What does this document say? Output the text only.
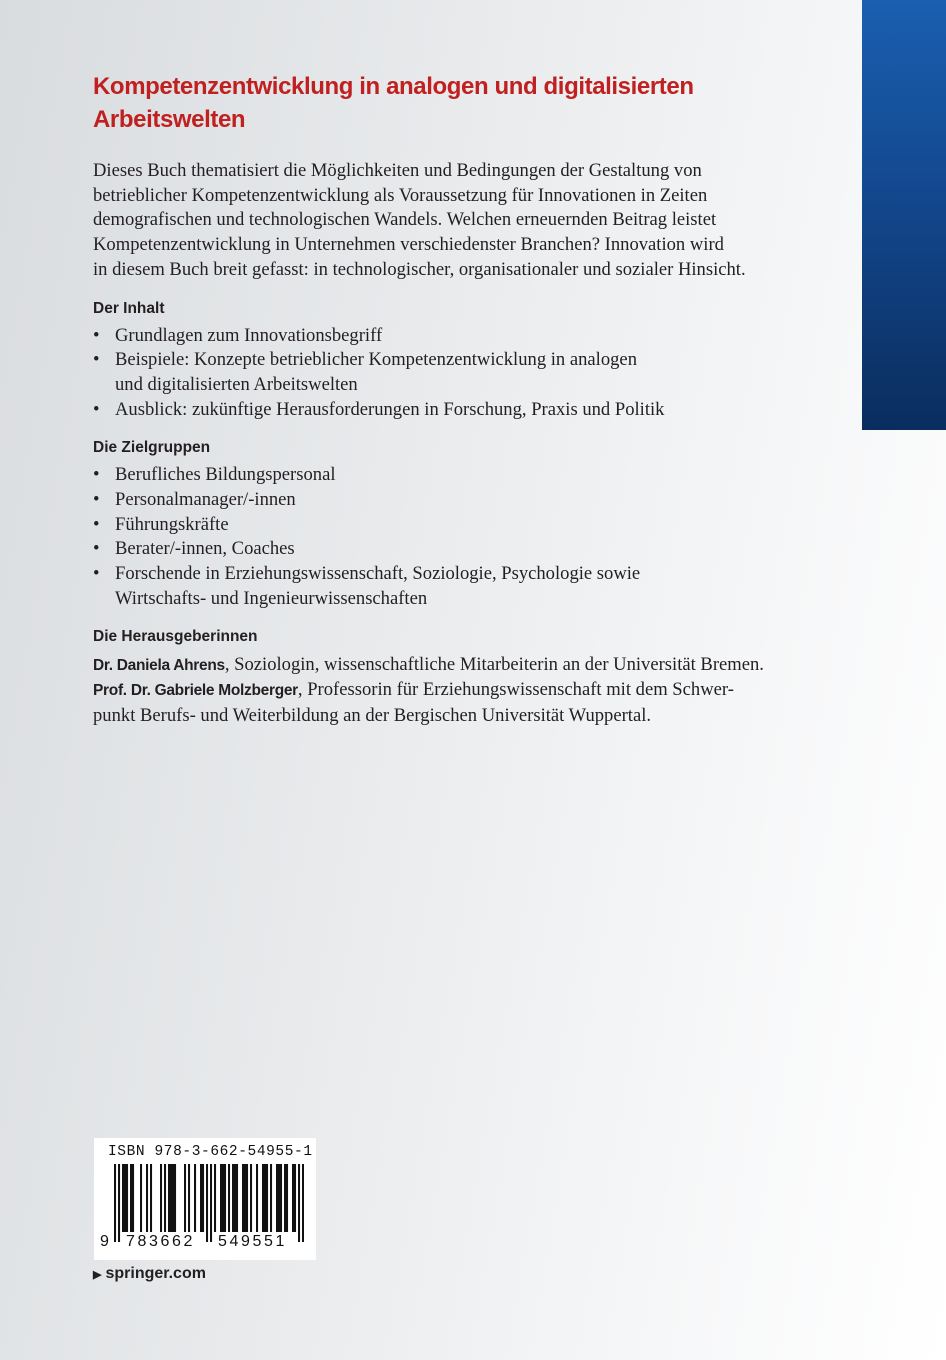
Kompetenzentwicklung in analogen und digitalisierten
Arbeitswelten
Dieses Buch thematisiert die Möglichkeiten und Bedingungen der Gestaltung von
betrieblicher Kompetenzentwicklung als Voraussetzung für Innovationen in Zeiten
demografischen und technologischen Wandels. Welchen erneuernden Beitrag leistet
Kompetenzentwicklung in Unternehmen verschiedenster Branchen? Innovation wird
in diesem Buch breit gefasst: in technologischer, organisationaler und sozialer Hinsicht.
Der Inhalt
• Grundlagen zum Innovationsbegriff
• Beispiele: Konzepte betrieblicher Kompetenzentwicklung in analogen
und digitalisierten Arbeitswelten
• Ausblick: zukünftige Herausforderungen in Forschung, Praxis und Politik
Die Zielgruppen
• Berufliches Bildungspersonal
• Personalmanager/-innen
• Führungskräfte
• Berater/-innen, Coaches
• Forschende in Erziehungswissenschaft, Soziologie, Psychologie sowie
Wirtschafts- und Ingenieurwissenschaften
Die Herausgeberinnen
Dr. Daniela Ahrens, Soziologin, wissenschaftliche Mitarbeiterin an der Universität Bremen.
Prof. Dr. Gabriele Molzberger, Professorin für Erziehungswissenschaft mit dem Schwer-
punkt Berufs- und Weiterbildung an der Bergischen Universität Wuppertal.
ISBN 978-3-662-54955-1
9 783662 549551
▶ springer.com
